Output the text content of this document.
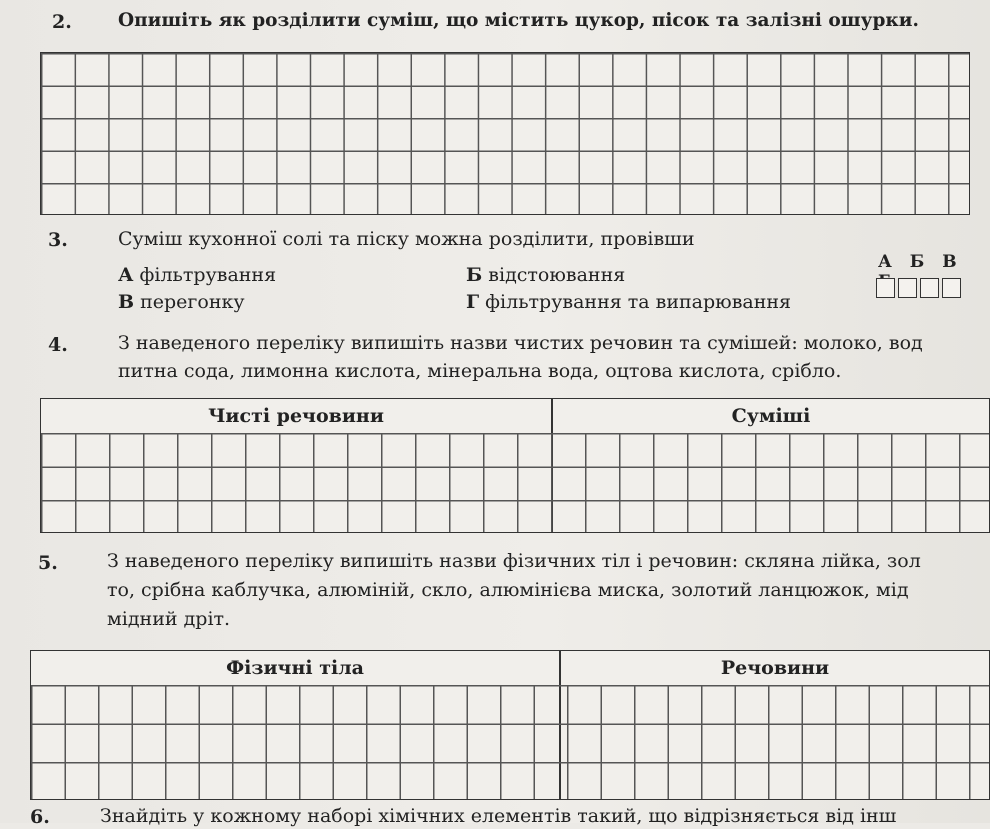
2. Опишіть як розділити суміш, що містить цукор, пісок та залізні ошурки.
3.	Суміш кухонної солі та піску можна розділити, провівши
А фільтрування	Б відстоювання
В перегонку	Г фільтрування та випарювання
А Б В
4.	З наведеного переліку випишіть назви чистих речовин та сумішей: молоко, вод
питна сода, лимонна кислота, мінеральна вода, оцтова кислота, срібло.
Чисті речовини	Суміші
5.	З наведеного переліку випишіть назви фізичних тіл і речовин: скляна лійка, зол
то, срібна каблучка, алюміній, скло, алюмінієва миска, золотий ланцюжок, мід
мідний дріт.
Фізичні тіла	Речовини
6.	Знайдіть у кожному наборі хімічних елементів такий, що відрізняється від інш
